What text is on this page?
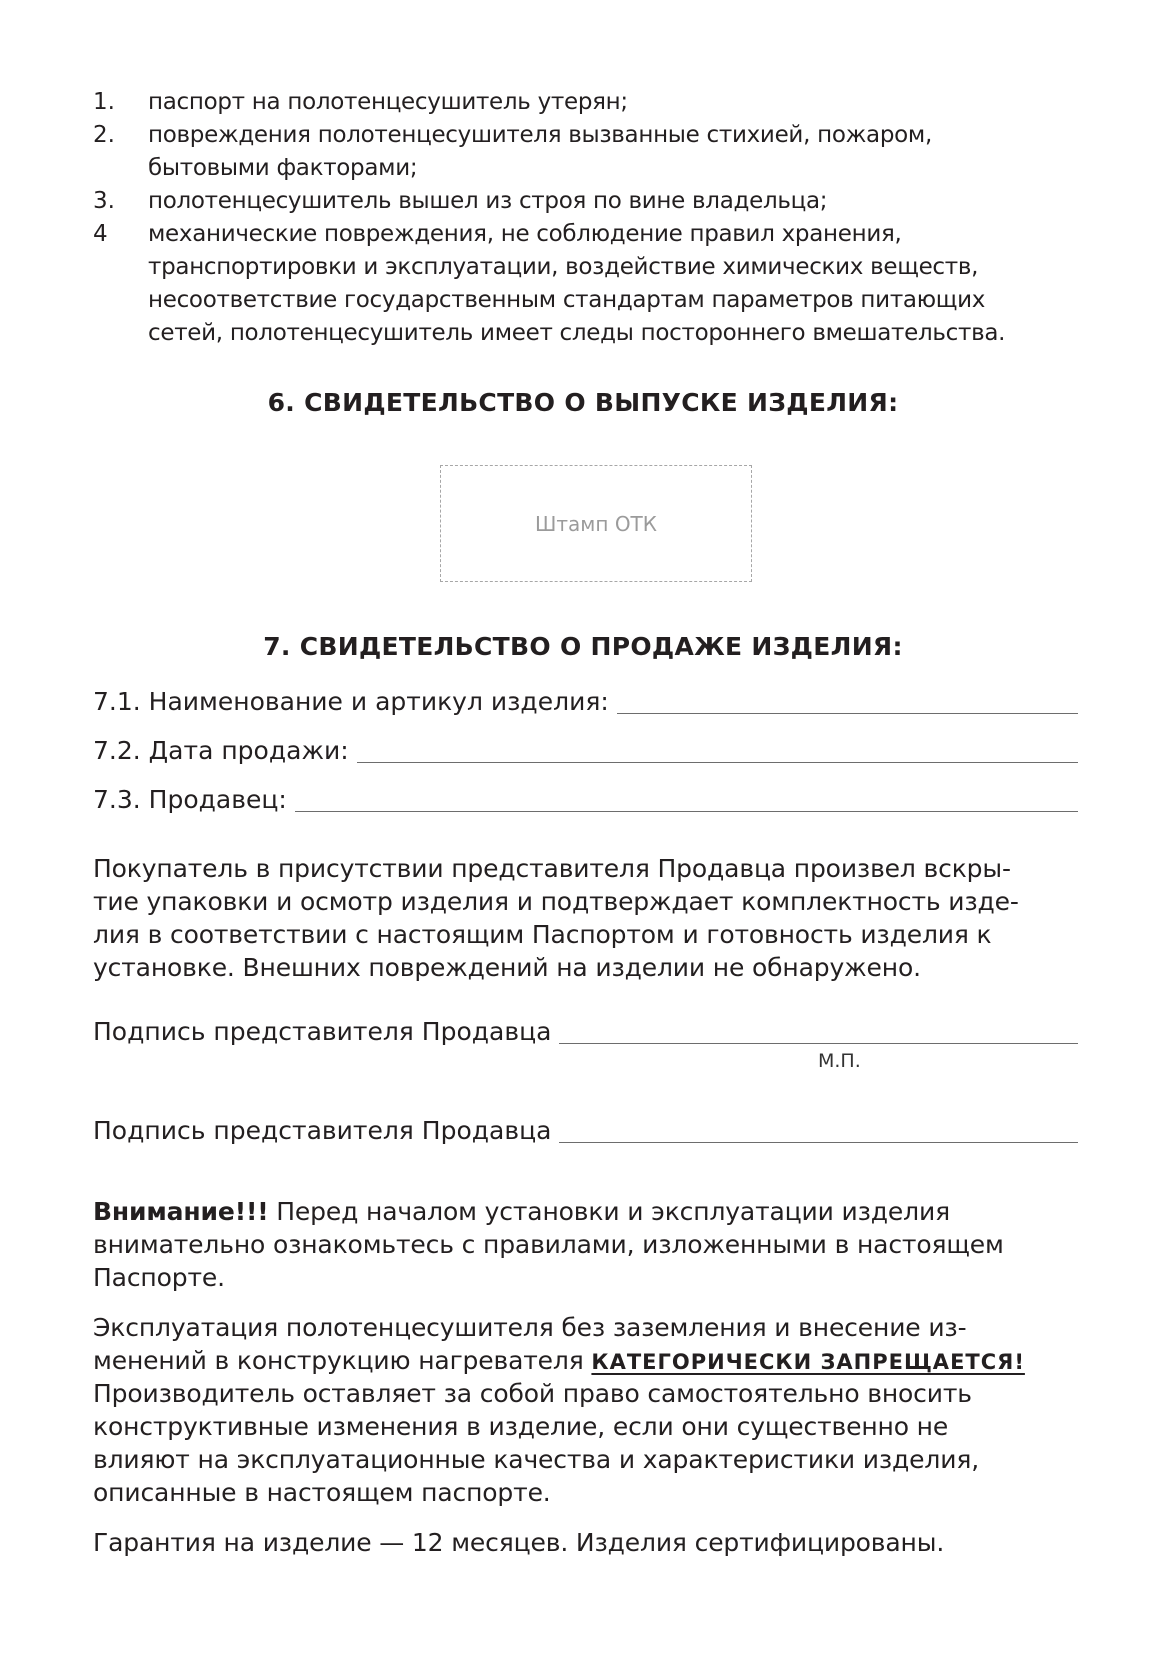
1. паспорт на полотенцесушитель утерян;
2. повреждения полотенцесушителя вызванные стихией, пожаром,
бытовыми факторами;
3. полотенцесушитель вышел из строя по вине владельца;
4 механические повреждения, не соблюдение правил хранения,
транспортировки и эксплуатации, воздействие химических веществ,
несоответствие государственным стандартам параметров питающих
сетей, полотенцесушитель имеет следы постороннего вмешательства.
6. СВИДЕТЕЛЬСТВО О ВЫПУСКЕ ИЗДЕЛИЯ:
Штамп ОТК
7. СВИДЕТЕЛЬСТВО О ПРОДАЖЕ ИЗДЕЛИЯ:
7.1. Наименование и артикул изделия:
7.2. Дата продажи:
7.3. Продавец:
Покупатель в присутствии представителя Продавца произвел вскры-
тие упаковки и осмотр изделия и подтверждает комплектность изде-
лия в соответствии с настоящим Паспортом и готовность изделия к
установке. Внешних повреждений на изделии не обнаружено.
Подпись представителя Продавца
М.П.
Подпись представителя Продавца
Внимание!!! Перед началом установки и эксплуатации изделия
внимательно ознакомьтесь с правилами, изложенными в настоящем
Паспорте.
Эксплуатация полотенцесушителя без заземления и внесение из-
менений в конструкцию нагревателя КАТЕГОРИЧЕСКИ ЗАПРЕЩАЕТСЯ!
Производитель оставляет за собой право самостоятельно вносить
конструктивные изменения в изделие, если они существенно не
влияют на эксплуатационные качества и характеристики изделия,
описанные в настоящем паспорте.
Гарантия на изделие — 12 месяцев. Изделия сертифицированы.
